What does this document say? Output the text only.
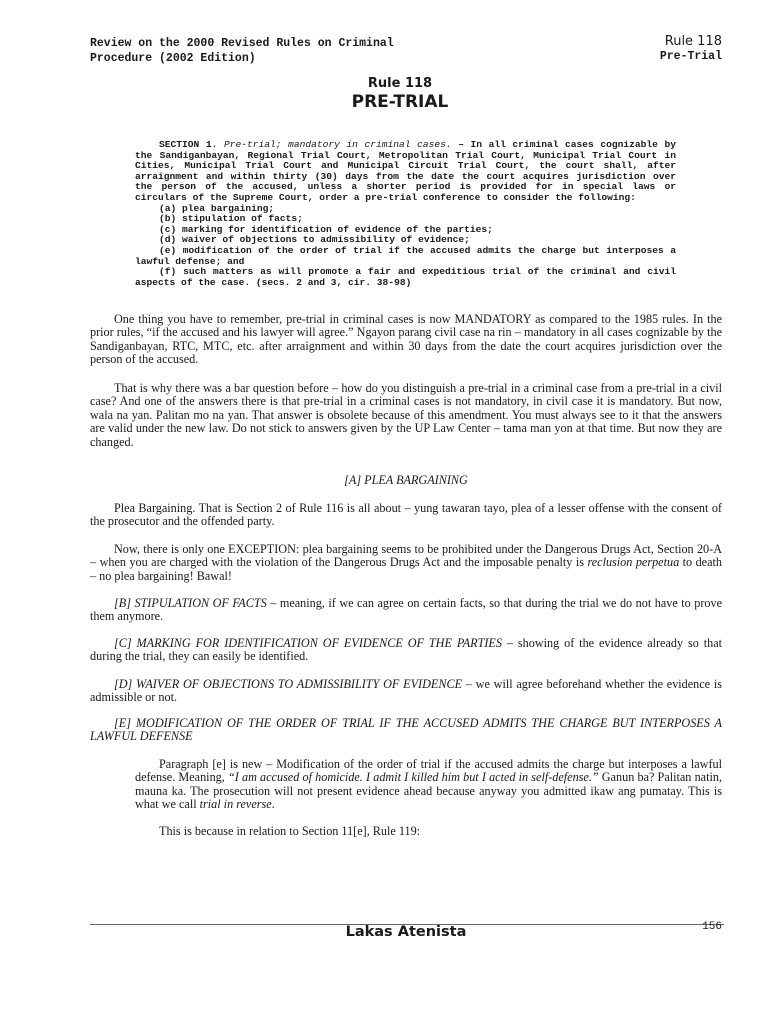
Review on the 2000 Revised Rules on Criminal
Procedure (2002 Edition)
Rule 118
Pre-Trial
Rule 118
PRE-TRIAL

SECTION 1. Pre-trial; mandatory in criminal cases. – In all criminal cases cognizable by the Sandiganbayan, Regional Trial Court, Metropolitan Trial Court, Municipal Trial Court in Cities, Municipal Trial Court and Municipal Circuit Trial Court, the court shall, after arraignment and within thirty (30) days from the date the court acquires jurisdiction over the person of the accused, unless a shorter period is provided for in special laws or circulars of the Supreme Court, order a pre-trial conference to consider the following:

(a) plea bargaining;

(b) stipulation of facts;

(c) marking for identification of evidence of the parties;

(d) waiver of objections to admissibility of evidence;

(e) modification of the order of trial if the accused admits the charge but interposes a lawful defense; and

(f) such matters as will promote a fair and expeditious trial of the criminal and civil aspects of the case. (secs. 2 and 3, cir. 38-98)

One thing you have to remember, pre-trial in criminal cases is now MANDATORY as compared to the 1985 rules. In the prior rules, “if the accused and his lawyer will agree.” Ngayon parang civil case na rin – mandatory in all cases cognizable by the Sandiganbayan, RTC, MTC, etc. after arraignment and within 30 days from the date the court acquires jurisdiction over the person of the accused.

That is why there was a bar question before – how do you distinguish a pre-trial in a criminal case from a pre-trial in a civil case? And one of the answers there is that pre-trial in a criminal cases is not mandatory, in civil case it is mandatory. But now, wala na yan. Palitan mo na yan. That answer is obsolete because of this amendment. You must always see to it that the answers are valid under the new law. Do not stick to answers given by the UP Law Center – tama man yon at that time. But now they are changed.

[A] PLEA BARGAINING

Plea Bargaining. That is Section 2 of Rule 116 is all about – yung tawaran tayo, plea of a lesser offense with the consent of the prosecutor and the offended party.

Now, there is only one EXCEPTION: plea bargaining seems to be prohibited under the Dangerous Drugs Act, Section 20-A – when you are charged with the violation of the Dangerous Drugs Act and the imposable penalty is reclusion perpetua to death – no plea bargaining! Bawal!

[B] STIPULATION OF FACTS – meaning, if we can agree on certain facts, so that during the trial we do not have to prove them anymore.

[C] MARKING FOR IDENTIFICATION OF EVIDENCE OF THE PARTIES – showing of the evidence already so that during the trial, they can easily be identified.

[D] WAIVER OF OBJECTIONS TO ADMISSIBILITY OF EVIDENCE – we will agree beforehand whether the evidence is admissible or not.

[E] MODIFICATION OF THE ORDER OF TRIAL IF THE ACCUSED ADMITS THE CHARGE BUT INTERPOSES A LAWFUL DEFENSE

Paragraph [e] is new – Modification of the order of trial if the accused admits the charge but interposes a lawful defense. Meaning, “I am accused of homicide. I admit I killed him but I acted in self-defense.” Ganun ba? Palitan natin, mauna ka. The prosecution will not present evidence ahead because anyway you admitted ikaw ang pumatay. This is what we call trial in reverse.

This is because in relation to Section 11[e], Rule 119:

Lakas Atenista	156
